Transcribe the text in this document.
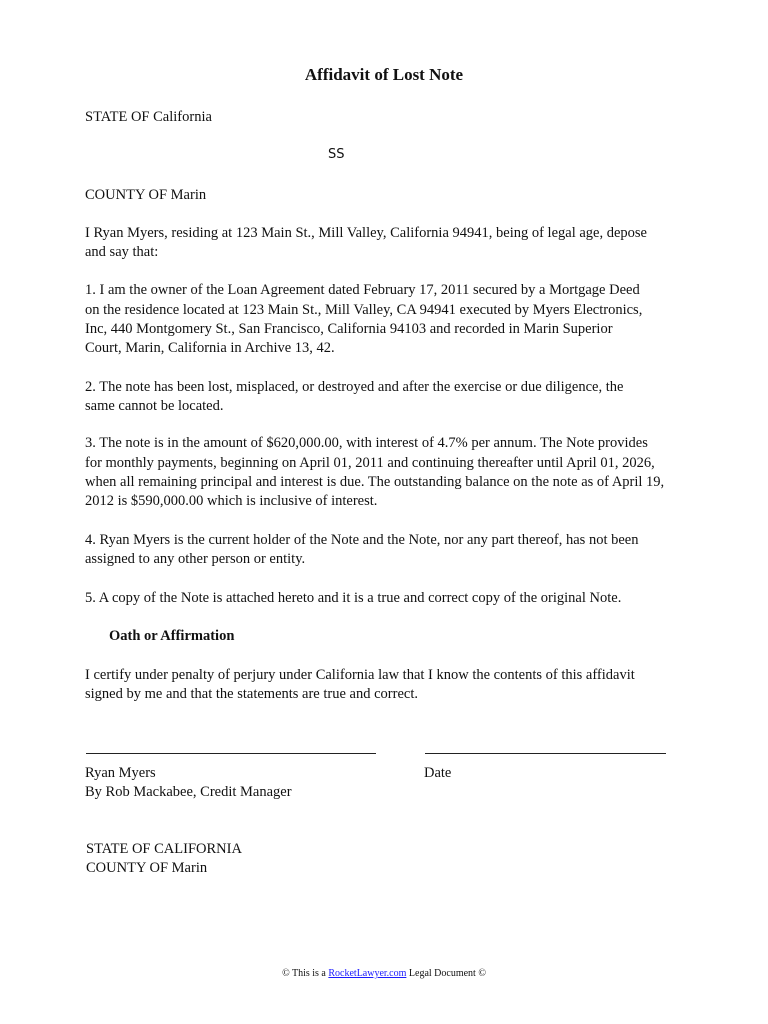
Affidavit of Lost Note

STATE OF California

SS

COUNTY OF Marin

I Ryan Myers, residing at 123 Main St., Mill Valley, California 94941, being of legal age, depose

and say that:

1. I am the owner of the Loan Agreement dated February 17, 2011 secured by a Mortgage Deed

on the residence located at 123 Main St., Mill Valley, CA 94941 executed by Myers Electronics,

Inc, 440 Montgomery St., San Francisco, California 94103 and recorded in Marin Superior

Court, Marin, California in Archive 13, 42.

2. The note has been lost, misplaced, or destroyed and after the exercise or due diligence, the

same cannot be located.

3. The note is in the amount of $620,000.00, with interest of 4.7% per annum. The Note provides

for monthly payments, beginning on April 01, 2011 and continuing thereafter until April 01, 2026,

when all remaining principal and interest is due. The outstanding balance on the note as of April 19,

2012 is $590,000.00 which is inclusive of interest.

4. Ryan Myers is the current holder of the Note and the Note, nor any part thereof, has not been

assigned to any other person or entity.

5. A copy of the Note is attached hereto and it is a true and correct copy of the original Note.

Oath or Affirmation

I certify under penalty of perjury under California law that I know the contents of this affidavit

signed by me and that the statements are true and correct.

Ryan Myers	Date

By Rob Mackabee, Credit Manager

STATE OF CALIFORNIA

COUNTY OF Marin

© This is a RocketLawyer.com Legal Document ©
